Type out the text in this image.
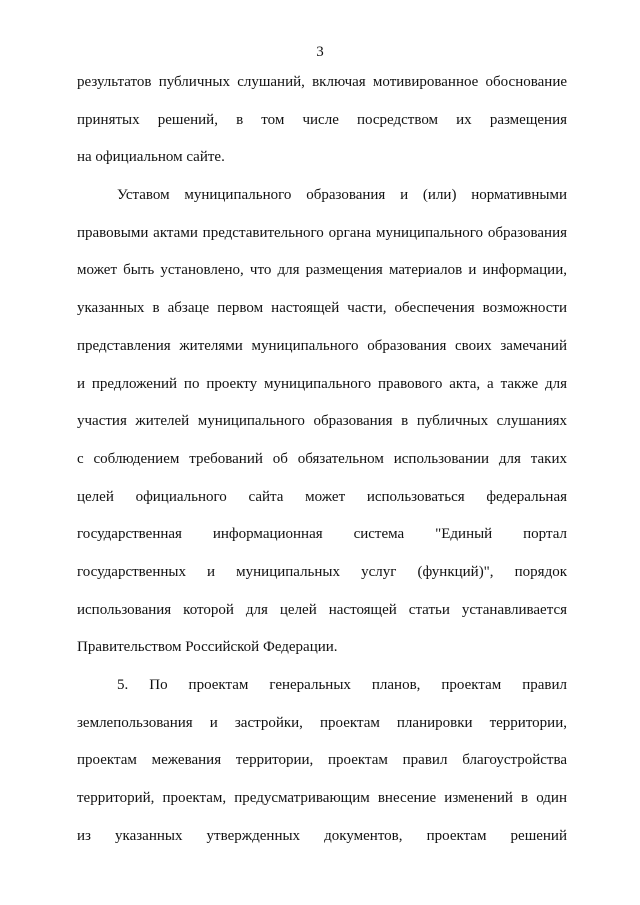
3
результатов публичных слушаний, включая мотивированное обоснование
принятых решений, в том числе посредством их размещения
на официальном сайте.
Уставом муниципального образования и (или) нормативными
правовыми актами представительного органа муниципального образования
может быть установлено, что для размещения материалов и информации,
указанных в абзаце первом настоящей части, обеспечения возможности
представления жителями муниципального образования своих замечаний
и предложений по проекту муниципального правового акта, а также для
участия жителей муниципального образования в публичных слушаниях
с соблюдением требований об обязательном использовании для таких
целей официального сайта может использоваться федеральная
государственная информационная система "Единый портал
государственных и муниципальных услуг (функций)", порядок
использования которой для целей настоящей статьи устанавливается
Правительством Российской Федерации.
5. По проектам генеральных планов, проектам правил
землепользования и застройки, проектам планировки территории,
проектам межевания территории, проектам правил благоустройства
территорий, проектам, предусматривающим внесение изменений в один
из указанных утвержденных документов, проектам решений
